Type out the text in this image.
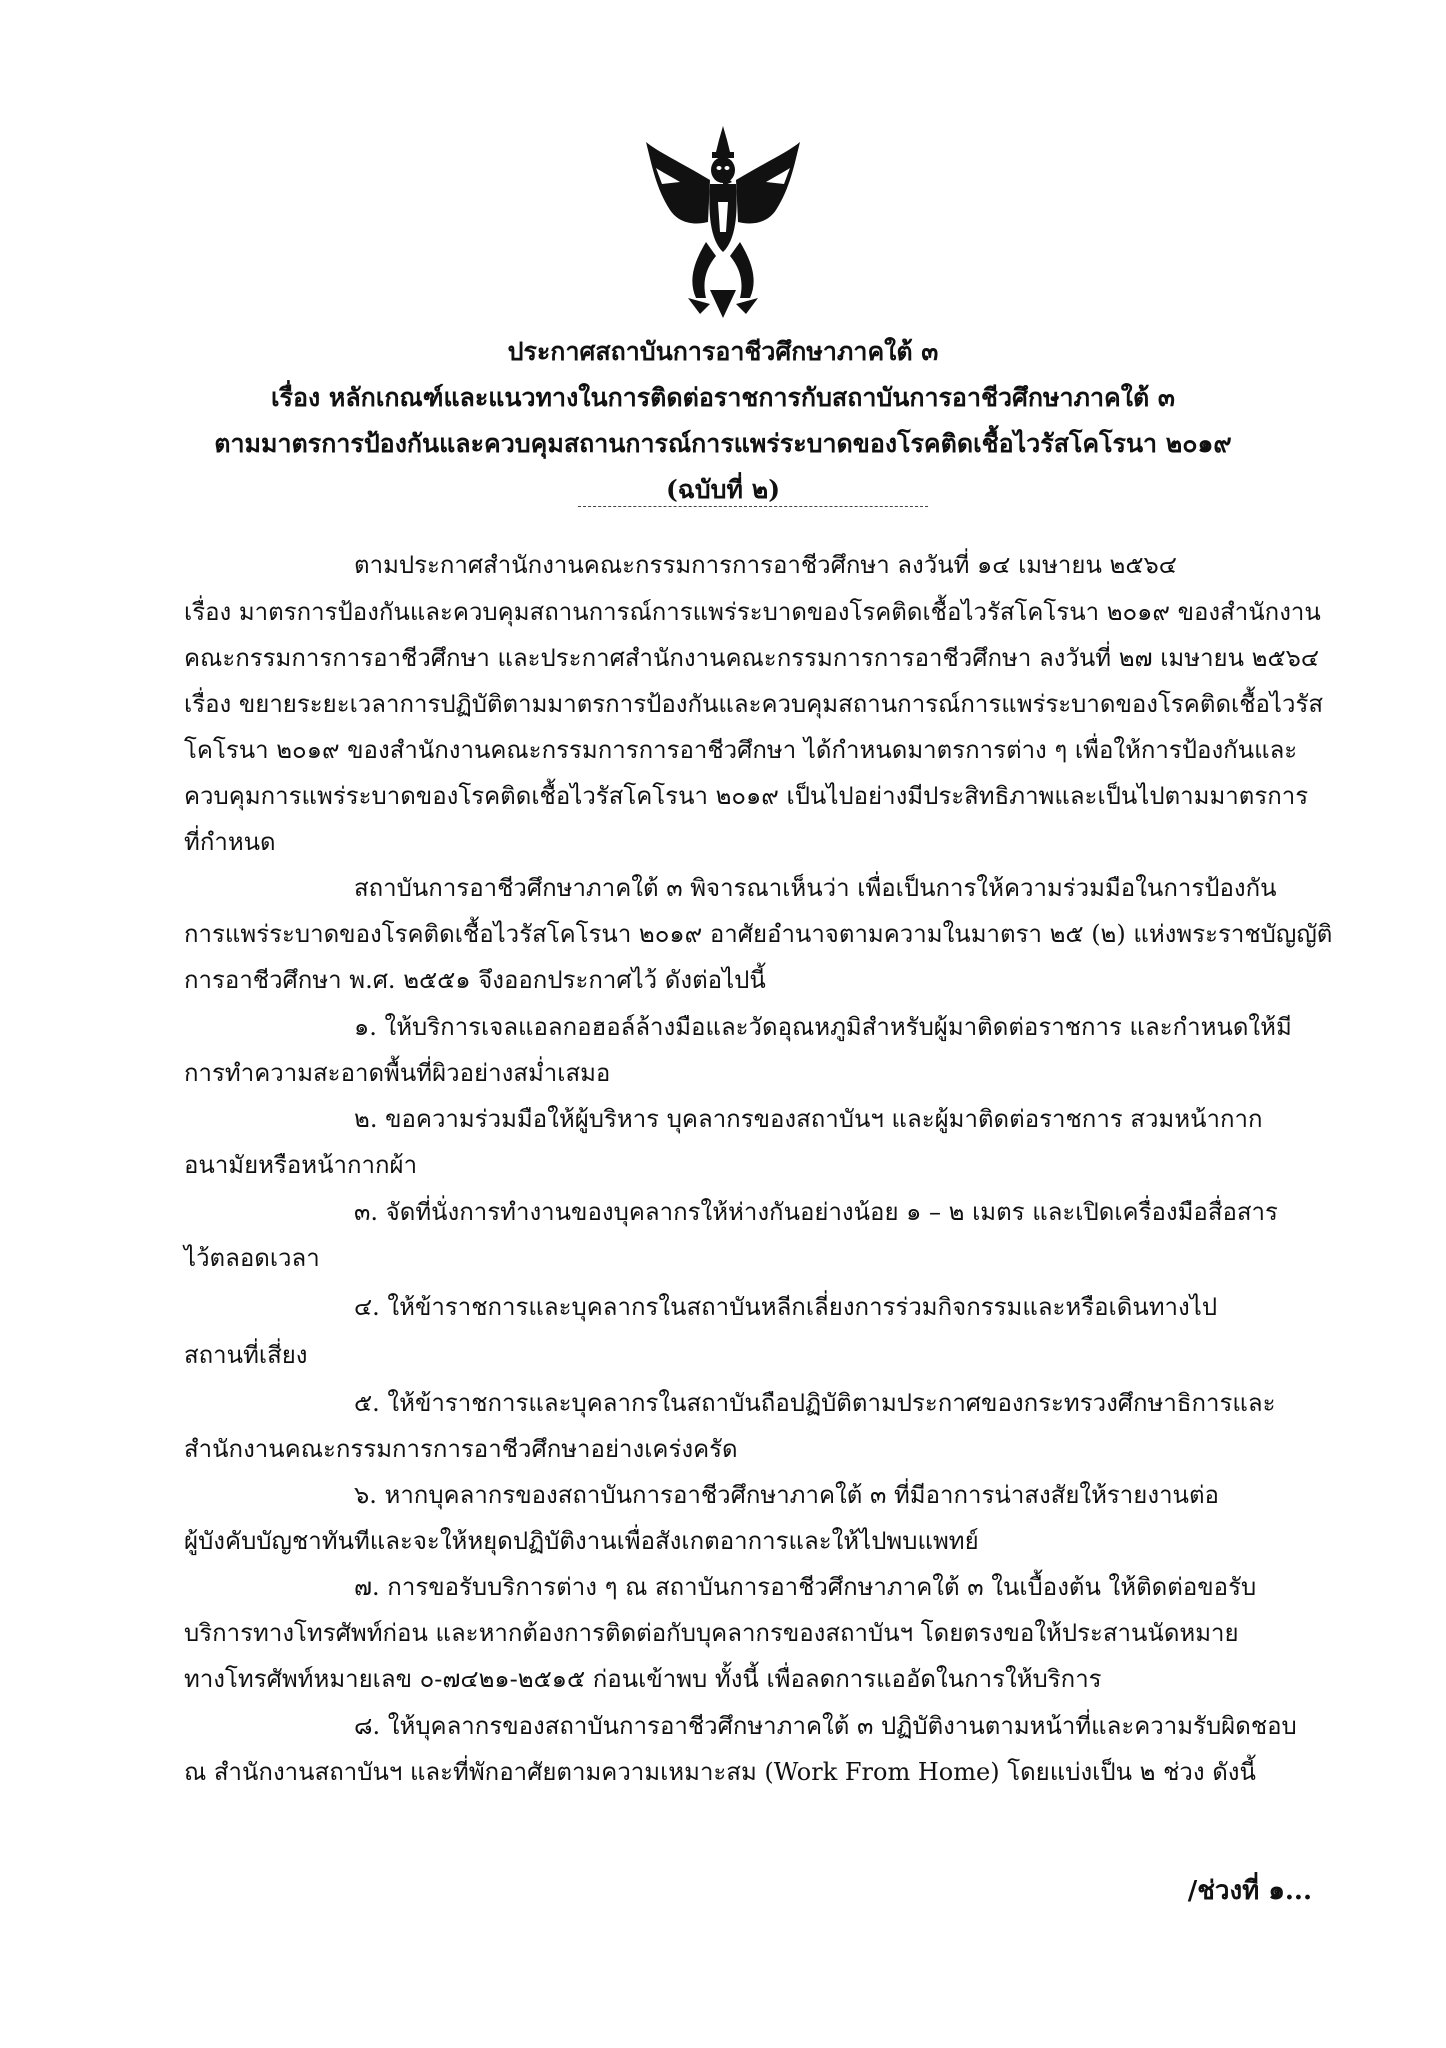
ประกาศสถาบันการอาชีวศึกษาภาคใต้ ๓
เรื่อง หลักเกณฑ์และแนวทางในการติดต่อราชการกับสถาบันการอาชีวศึกษาภาคใต้ ๓
ตามมาตรการป้องกันและควบคุมสถานการณ์การแพร่ระบาดของโรคติดเชื้อไวรัสโคโรนา ๒๐๑๙
(ฉบับที่ ๒)
ตามประกาศสำนักงานคณะกรรมการการอาชีวศึกษา ลงวันที่ ๑๔ เมษายน ๒๕๖๔
เรื่อง มาตรการป้องกันและควบคุมสถานการณ์การแพร่ระบาดของโรคติดเชื้อไวรัสโคโรนา ๒๐๑๙ ของสำนักงาน
คณะกรรมการการอาชีวศึกษา และประกาศสำนักงานคณะกรรมการการอาชีวศึกษา ลงวันที่ ๒๗ เมษายน ๒๕๖๔
เรื่อง ขยายระยะเวลาการปฏิบัติตามมาตรการป้องกันและควบคุมสถานการณ์การแพร่ระบาดของโรคติดเชื้อไวรัส
โคโรนา ๒๐๑๙ ของสำนักงานคณะกรรมการการอาชีวศึกษา ได้กำหนดมาตรการต่าง ๆ เพื่อให้การป้องกันและ
ควบคุมการแพร่ระบาดของโรคติดเชื้อไวรัสโคโรนา ๒๐๑๙ เป็นไปอย่างมีประสิทธิภาพและเป็นไปตามมาตรการ
ที่กำหนด
สถาบันการอาชีวศึกษาภาคใต้ ๓ พิจารณาเห็นว่า เพื่อเป็นการให้ความร่วมมือในการป้องกัน
การแพร่ระบาดของโรคติดเชื้อไวรัสโคโรนา ๒๐๑๙ อาศัยอำนาจตามความในมาตรา ๒๕ (๒) แห่งพระราชบัญญัติ
การอาชีวศึกษา พ.ศ. ๒๕๕๑ จึงออกประกาศไว้ ดังต่อไปนี้
๑. ให้บริการเจลแอลกอฮอล์ล้างมือและวัดอุณหภูมิสำหรับผู้มาติดต่อราชการ และกำหนดให้มี
การทำความสะอาดพื้นที่ผิวอย่างสม่ำเสมอ
๒. ขอความร่วมมือให้ผู้บริหาร บุคลากรของสถาบันฯ และผู้มาติดต่อราชการ สวมหน้ากาก
อนามัยหรือหน้ากากผ้า
๓. จัดที่นั่งการทำงานของบุคลากรให้ห่างกันอย่างน้อย ๑ – ๒ เมตร และเปิดเครื่องมือสื่อสาร
ไว้ตลอดเวลา
๔. ให้ข้าราชการและบุคลากรในสถาบันหลีกเลี่ยงการร่วมกิจกรรมและหรือเดินทางไป
สถานที่เสี่ยง
๕. ให้ข้าราชการและบุคลากรในสถาบันถือปฏิบัติตามประกาศของกระทรวงศึกษาธิการและ
สำนักงานคณะกรรมการการอาชีวศึกษาอย่างเคร่งครัด
๖. หากบุคลากรของสถาบันการอาชีวศึกษาภาคใต้ ๓ ที่มีอาการน่าสงสัยให้รายงานต่อ
ผู้บังคับบัญชาทันทีและจะให้หยุดปฏิบัติงานเพื่อสังเกตอาการและให้ไปพบแพทย์
๗. การขอรับบริการต่าง ๆ ณ สถาบันการอาชีวศึกษาภาคใต้ ๓ ในเบื้องต้น ให้ติดต่อขอรับ
บริการทางโทรศัพท์ก่อน และหากต้องการติดต่อกับบุคลากรของสถาบันฯ โดยตรงขอให้ประสานนัดหมาย
ทางโทรศัพท์หมายเลข ๐-๗๔๒๑-๒๕๑๕ ก่อนเข้าพบ ทั้งนี้ เพื่อลดการแออัดในการให้บริการ
๘. ให้บุคลากรของสถาบันการอาชีวศึกษาภาคใต้ ๓ ปฏิบัติงานตามหน้าที่และความรับผิดชอบ
ณ สำนักงานสถาบันฯ และที่พักอาศัยตามความเหมาะสม (Work From Home) โดยแบ่งเป็น ๒ ช่วง ดังนี้
/ช่วงที่ ๑...
